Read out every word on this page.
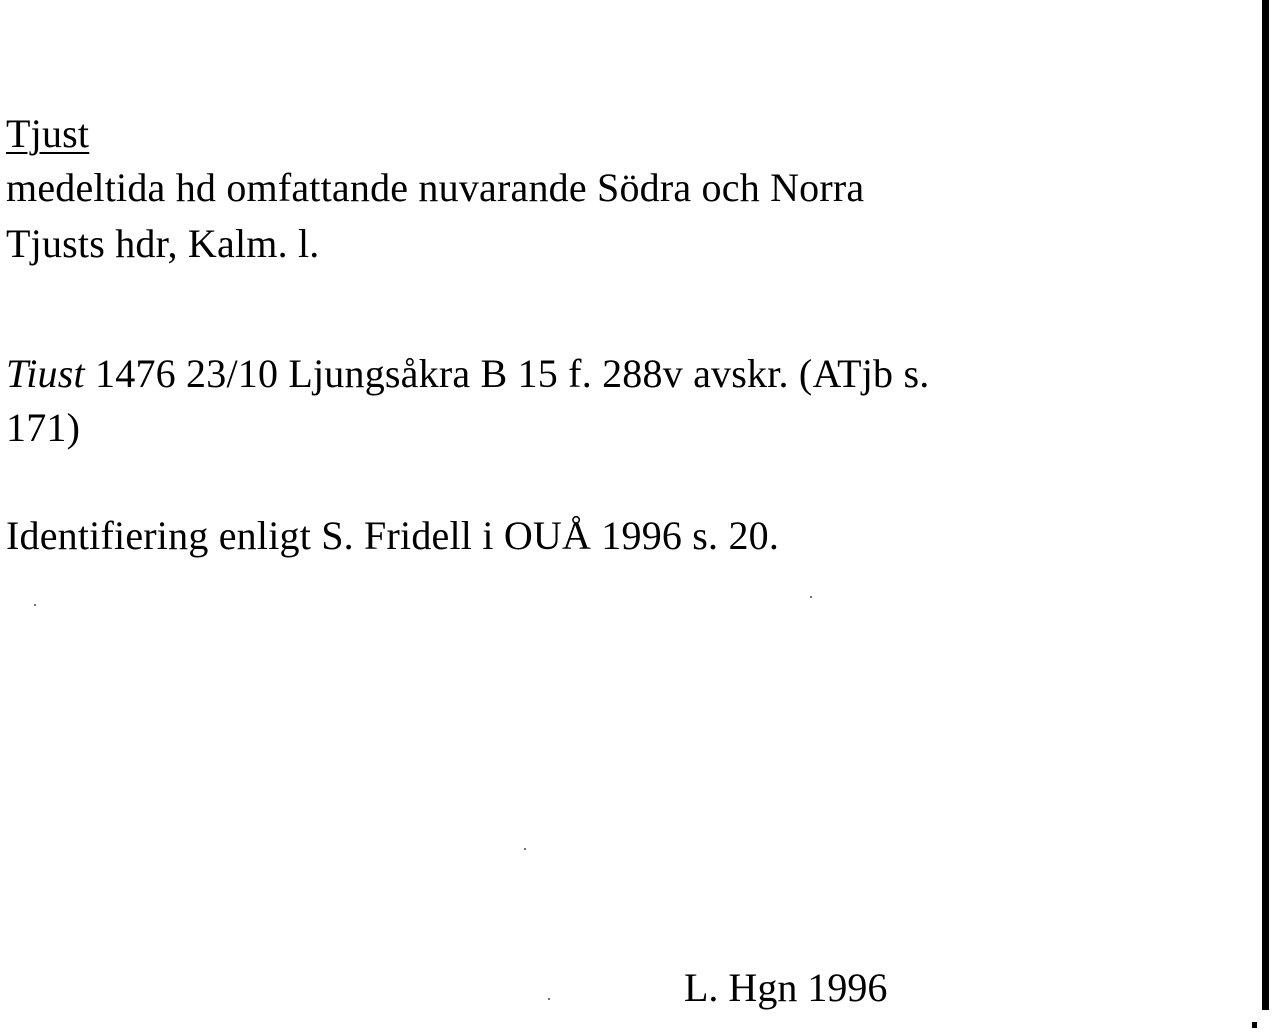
Tjust
medeltida hd omfattande nuvarande Södra och Norra
Tjusts hdr, Kalm. l.
Tiust 1476 23/10 Ljungsåkra B 15 f. 288v avskr. (ATjb s.
171)
Identifiering enligt S. Fridell i OUÅ 1996 s. 20.
L. Hgn 1996
